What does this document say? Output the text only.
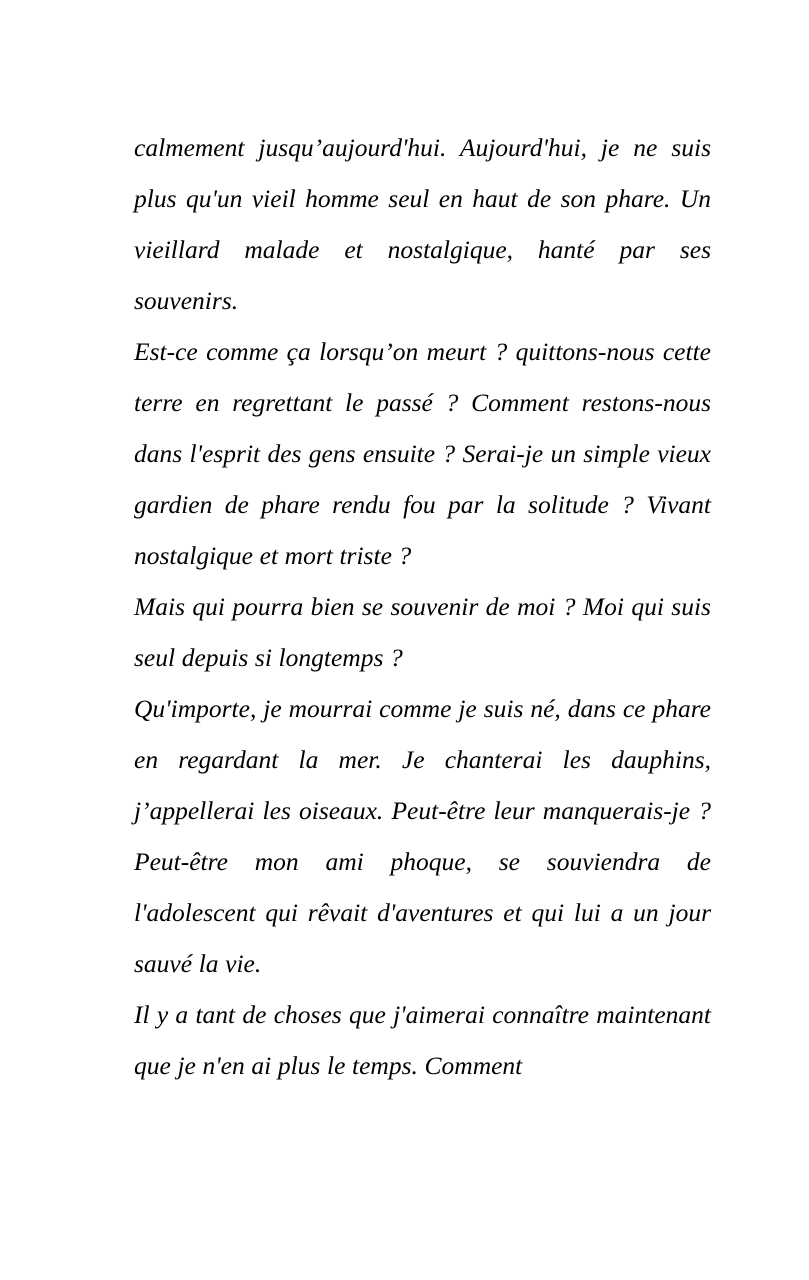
calmement jusqu’aujourd'hui. Aujourd'hui, je ne suis plus qu'un vieil homme seul en haut de son phare. Un vieillard malade et nostalgique, hanté par ses souvenirs.

Est-ce comme ça lorsqu’on meurt ? quittons-nous cette terre en regrettant le passé ? Comment restons-nous dans l'esprit des gens ensuite ? Serai-je un simple vieux gardien de phare rendu fou par la solitude ? Vivant nostalgique et mort triste ?

Mais qui pourra bien se souvenir de moi ? Moi qui suis seul depuis si longtemps ?

Qu'importe, je mourrai comme je suis né, dans ce phare en regardant la mer. Je chanterai les dauphins, j’appellerai les oiseaux. Peut-être leur manquerais-je ? Peut-être mon ami phoque, se souviendra de l'adolescent qui rêvait d'aventures et qui lui a un jour sauvé la vie.

Il y a tant de choses que j'aimerai connaître maintenant que je n'en ai plus le temps. Comment
